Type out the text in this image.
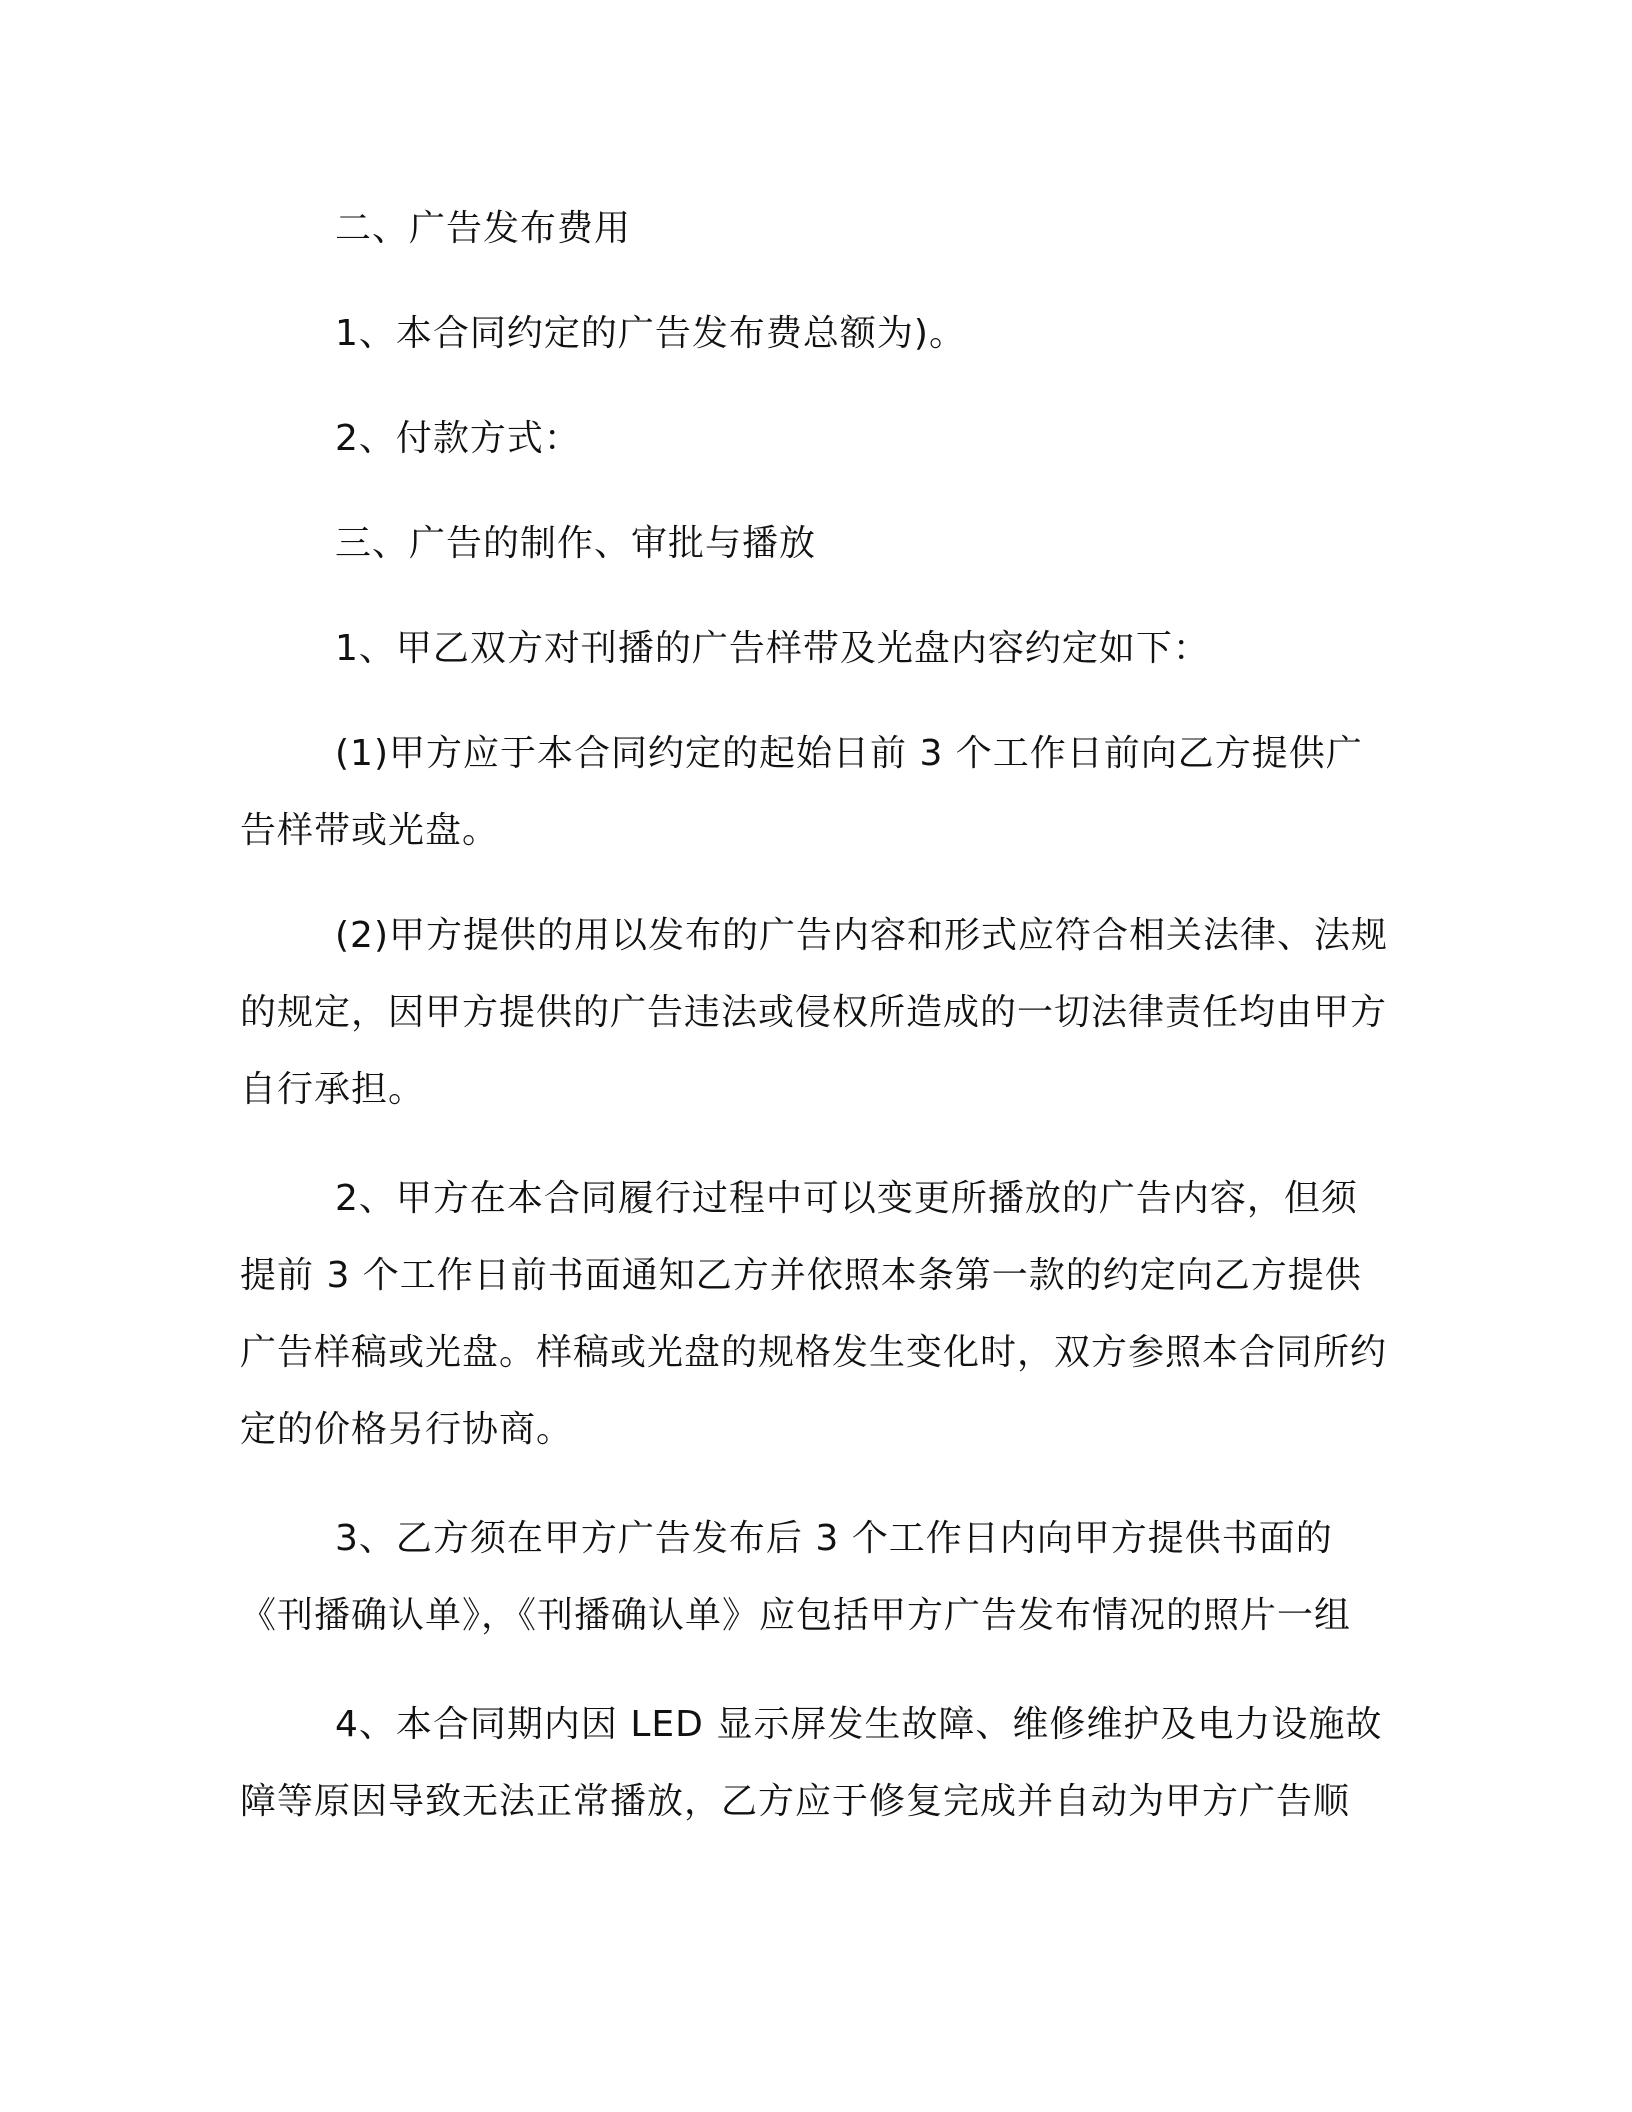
二、广告发布费用

1、本合同约定的广告发布费总额为)。

2、付款方式：

三、广告的制作、审批与播放

1、甲乙双方对刊播的广告样带及光盘内容约定如下：

(1)甲方应于本合同约定的起始日前 3 个工作日前向乙方提供广告样带或光盘。

(2)甲方提供的用以发布的广告内容和形式应符合相关法律、法规的规定，因甲方提供的广告违法或侵权所造成的一切法律责任均由甲方自行承担。

2、甲方在本合同履行过程中可以变更所播放的广告内容，但须提前 3 个工作日前书面通知乙方并依照本条第一款的约定向乙方提供广告样稿或光盘。样稿或光盘的规格发生变化时，双方参照本合同所约定的价格另行协商。

3、乙方须在甲方广告发布后 3 个工作日内向甲方提供书面的《刊播确认单》，《刊播确认单》应包括甲方广告发布情况的照片一组

4、本合同期内因 LED 显示屏发生故障、维修维护及电力设施故障等原因导致无法正常播放，乙方应于修复完成并自动为甲方广告顺
